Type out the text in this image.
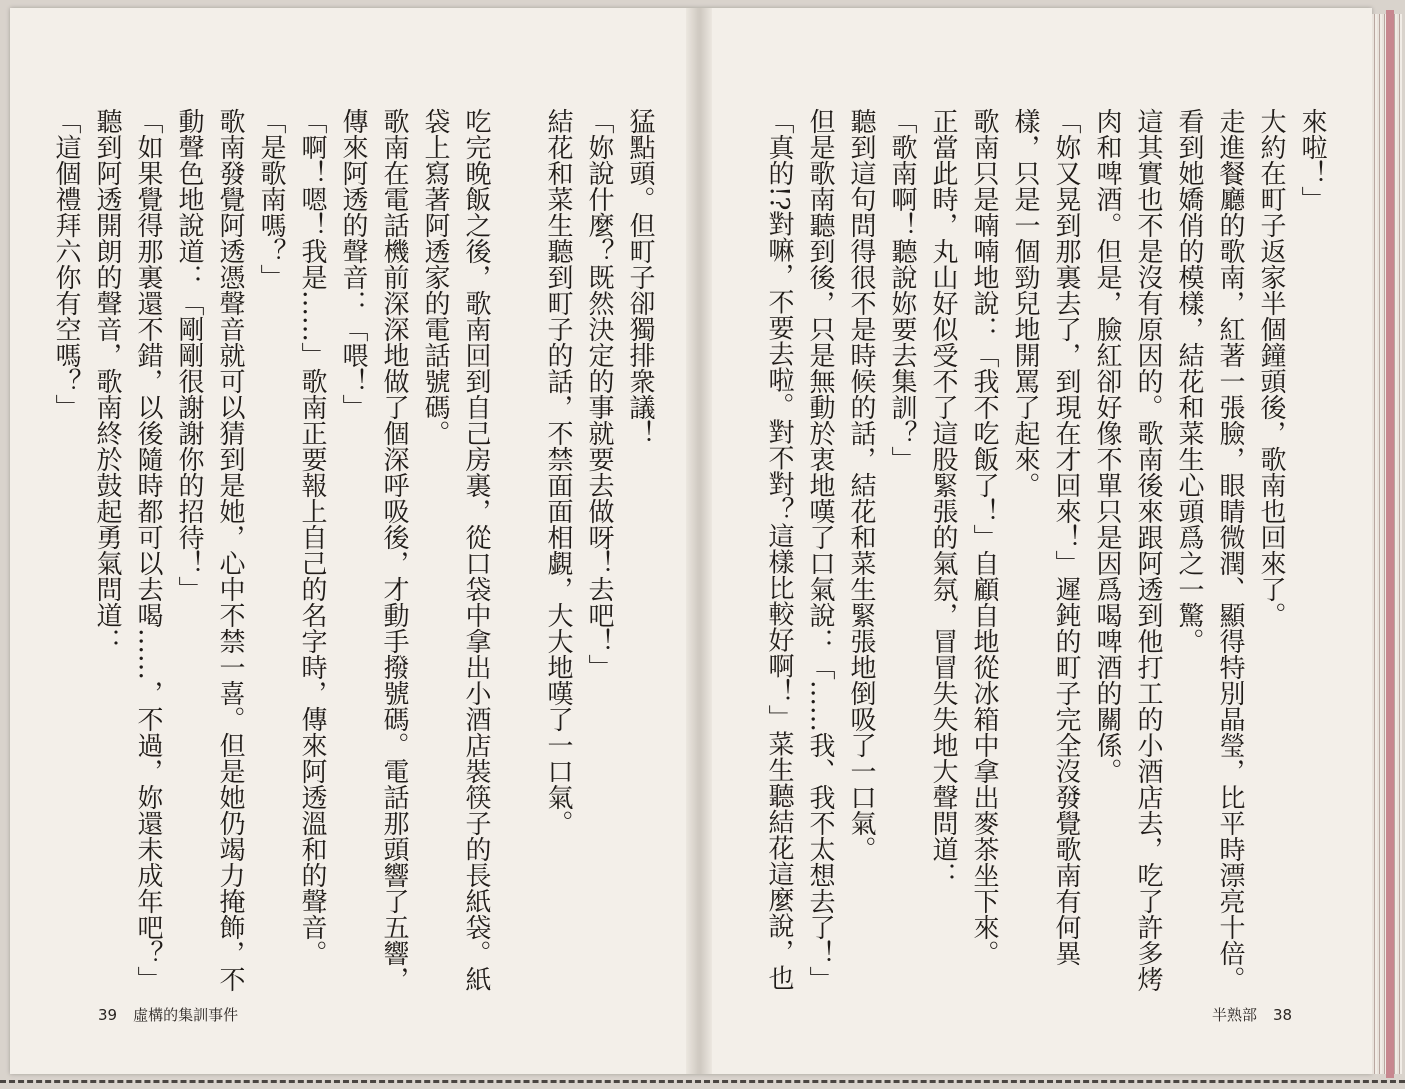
猛點頭。但町子卻獨排衆議！

「妳說什麼？既然決定的事就要去做呀！去吧！」

結花和菜生聽到町子的話，不禁面面相覷，大大地嘆了一口氣。

吃完晚飯之後，歌南回到自己房裏，從口袋中拿出小酒店裝筷子的長紙袋。紙

袋上寫著阿透家的電話號碼。

歌南在電話機前深深地做了個深呼吸後，才動手撥號碼。電話那頭響了五響，

傳來阿透的聲音：「喂！」

「啊！嗯！我是……」歌南正要報上自己的名字時，傳來阿透溫和的聲音。

「是歌南嗎？」

歌南發覺阿透憑聲音就可以猜到是她，心中不禁一喜。但是她仍竭力掩飾，不

動聲色地說道：「剛剛很謝謝你的招待！」

「如果覺得那裏還不錯，以後隨時都可以去喝……，不過，妳還未成年吧？」

聽到阿透開朗的聲音，歌南終於鼓起勇氣問道：

「這個禮拜六你有空嗎？」

39 虛構的集訓事件

來啦！」

大約在町子返家半個鐘頭後，歌南也回來了。

走進餐廳的歌南，紅著一張臉，眼睛微潤、顯得特別晶瑩，比平時漂亮十倍。

看到她嬌俏的模樣，結花和菜生心頭爲之一驚。

這其實也不是沒有原因的。歌南後來跟阿透到他打工的小酒店去，吃了許多烤

肉和啤酒。但是，臉紅卻好像不單只是因爲喝啤酒的關係。

「妳又晃到那裏去了，到現在才回來！」遲鈍的町子完全沒發覺歌南有何異

樣，只是一個勁兒地開罵了起來。

歌南只是喃喃地說：「我不吃飯了！」自顧自地從冰箱中拿出麥茶坐下來。

正當此時，丸山好似受不了這股緊張的氣氛，冒冒失失地大聲問道：

「歌南啊！聽說妳要去集訓？」

聽到這句問得很不是時候的話，結花和菜生緊張地倒吸了一口氣。

但是歌南聽到後，只是無動於衷地嘆了口氣說：「……我、我不太想去了！」

「真的!?對嘛，不要去啦。對不對？這樣比較好啊！」菜生聽結花這麼說，也

半熟部 38
